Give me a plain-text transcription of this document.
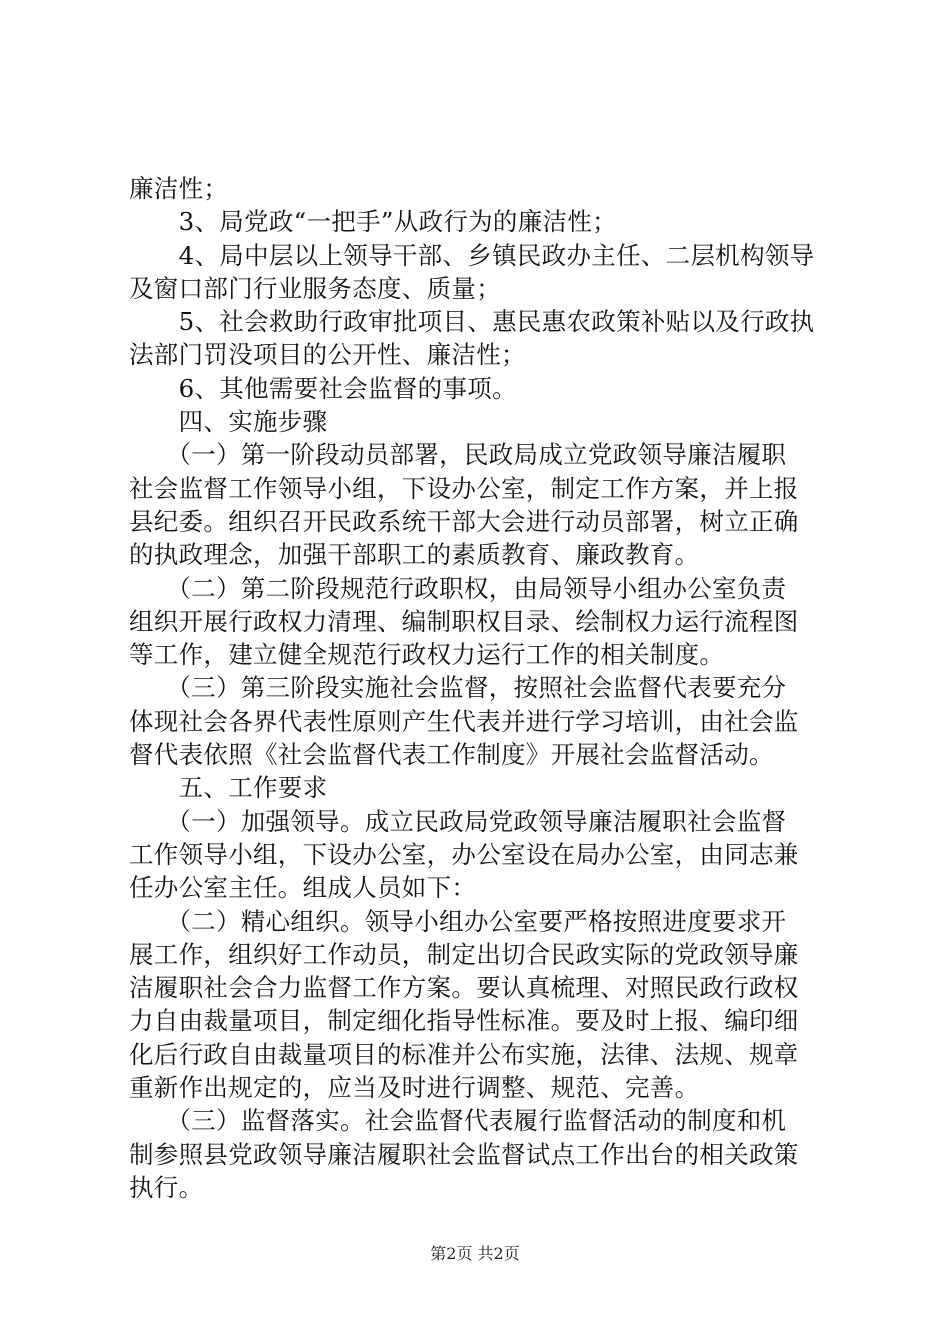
廉洁性；

　　3、局党政“一把手”从政行为的廉洁性；

　　4、局中层以上领导干部、乡镇民政办主任、二层机构领导

及窗口部门行业服务态度、质量；

　　5、社会救助行政审批项目、惠民惠农政策补贴以及行政执

法部门罚没项目的公开性、廉洁性；

　　6、其他需要社会监督的事项。

　　四、实施步骤

　　（一）第一阶段动员部署，民政局成立党政领导廉洁履职

社会监督工作领导小组，下设办公室，制定工作方案，并上报

县纪委。组织召开民政系统干部大会进行动员部署，树立正确

的执政理念，加强干部职工的素质教育、廉政教育。

　　（二）第二阶段规范行政职权，由局领导小组办公室负责

组织开展行政权力清理、编制职权目录、绘制权力运行流程图

等工作，建立健全规范行政权力运行工作的相关制度。

　　（三）第三阶段实施社会监督，按照社会监督代表要充分

体现社会各界代表性原则产生代表并进行学习培训，由社会监

督代表依照《社会监督代表工作制度》开展社会监督活动。

　　五、工作要求

　　（一）加强领导。成立民政局党政领导廉洁履职社会监督

工作领导小组，下设办公室，办公室设在局办公室，由同志兼

任办公室主任。组成人员如下：

　　（二）精心组织。领导小组办公室要严格按照进度要求开

展工作，组织好工作动员，制定出切合民政实际的党政领导廉

洁履职社会合力监督工作方案。要认真梳理、对照民政行政权

力自由裁量项目，制定细化指导性标准。要及时上报、编印细

化后行政自由裁量项目的标准并公布实施，法律、法规、规章

重新作出规定的，应当及时进行调整、规范、完善。

　　（三）监督落实。社会监督代表履行监督活动的制度和机

制参照县党政领导廉洁履职社会监督试点工作出台的相关政策

执行。

第2页 共2页
